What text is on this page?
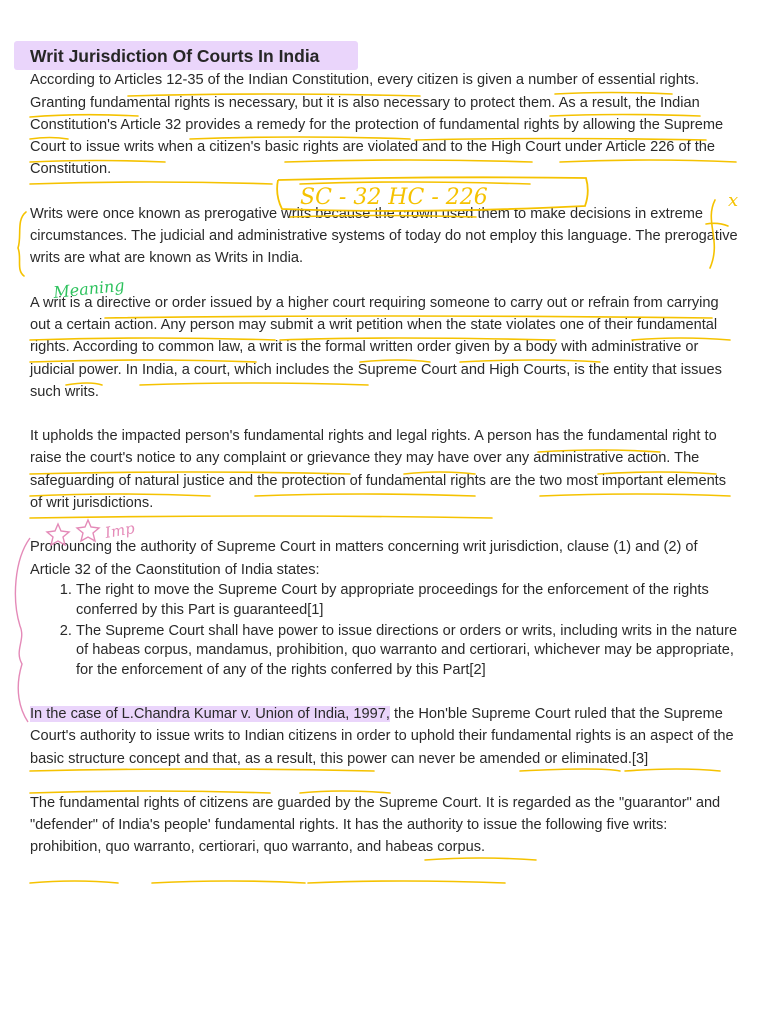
Writ Jurisdiction Of Courts In India

According to Articles 12-35 of the Indian Constitution, every citizen is given a number of essential rights. Granting fundamental rights is necessary, but it is also necessary to protect them. As a result, the Indian Constitution's Article 32 provides a remedy for the protection of fundamental rights by allowing the Supreme Court to issue writs when a citizen's basic rights are violated and to the High Court under Article 226 of the Constitution.

Writs were once known as prerogative writs because the crown used them to make decisions in extreme circumstances. The judicial and administrative systems of today do not employ this language. The prerogative writs are what are known as Writs in India.

A writ is a directive or order issued by a higher court requiring someone to carry out or refrain from carrying out a certain action. Any person may submit a writ petition when the state violates one of their fundamental rights. According to common law, a writ is the formal written order given by a body with administrative or judicial power. In India, a court, which includes the Supreme Court and High Courts, is the entity that issues such writs.

It upholds the impacted person's fundamental rights and legal rights. A person has the fundamental right to raise the court's notice to any complaint or grievance they may have over any administrative action. The safeguarding of natural justice and the protection of fundamental rights are the two most important elements of writ jurisdictions.

Pronouncing the authority of Supreme Court in matters concerning writ jurisdiction, clause (1) and (2) of Article 32 of the Caonstitution of India states:

1. The right to move the Supreme Court by appropriate proceedings for the enforcement of the rights conferred by this Part is guaranteed[1]
2. The Supreme Court shall have power to issue directions or orders or writs, including writs in the nature of habeas corpus, mandamus, prohibition, quo warranto and certiorari, whichever may be appropriate, for the enforcement of any of the rights conferred by this Part[2]

In the case of L.Chandra Kumar v. Union of India, 1997, the Hon'ble Supreme Court ruled that the Supreme Court's authority to issue writs to Indian citizens in order to uphold their fundamental rights is an aspect of the basic structure concept and that, as a result, this power can never be amended or eliminated.[3]

The fundamental rights of citizens are guarded by the Supreme Court. It is regarded as the "guarantor" and "defender" of India's people' fundamental rights. It has the authority to issue the following five writs: prohibition, quo warranto, certiorari, quo warranto, and habeas corpus.

SC - 32 HC - 226	x
Meaning
Imp
